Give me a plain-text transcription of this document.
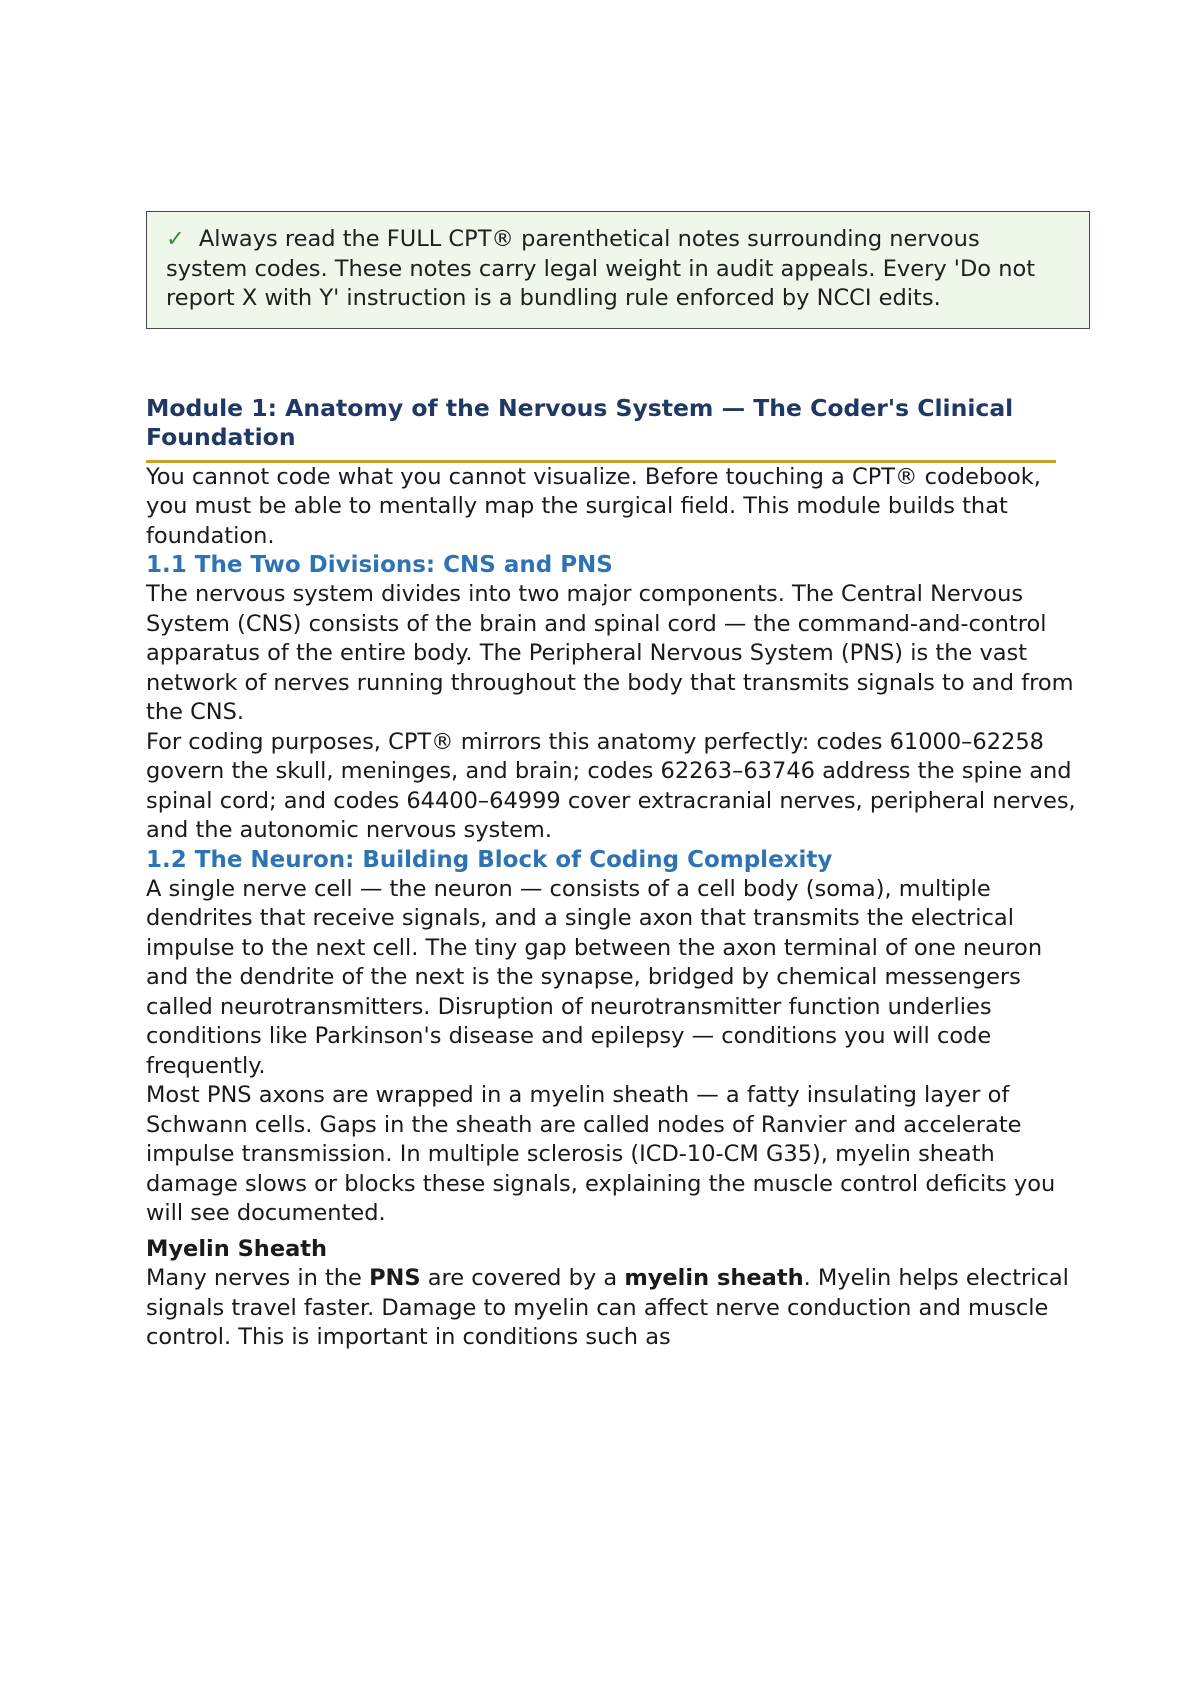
✓ Always read the FULL CPT® parenthetical notes surrounding nervous system codes. These notes carry legal weight in audit appeals. Every 'Do not report X with Y' instruction is a bundling rule enforced by NCCI edits.
Module 1: Anatomy of the Nervous System — The Coder's Clinical Foundation

You cannot code what you cannot visualize. Before touching a CPT® codebook, you must be able to mentally map the surgical field. This module builds that foundation.

1.1 The Two Divisions: CNS and PNS

The nervous system divides into two major components. The Central Nervous System (CNS) consists of the brain and spinal cord — the command-and-control apparatus of the entire body. The Peripheral Nervous System (PNS) is the vast network of nerves running throughout the body that transmits signals to and from the CNS.

For coding purposes, CPT® mirrors this anatomy perfectly: codes 61000–62258 govern the skull, meninges, and brain; codes 62263–63746 address the spine and spinal cord; and codes 64400–64999 cover extracranial nerves, peripheral nerves, and the autonomic nervous system.

1.2 The Neuron: Building Block of Coding Complexity

A single nerve cell — the neuron — consists of a cell body (soma), multiple dendrites that receive signals, and a single axon that transmits the electrical impulse to the next cell. The tiny gap between the axon terminal of one neuron and the dendrite of the next is the synapse, bridged by chemical messengers called neurotransmitters. Disruption of neurotransmitter function underlies conditions like Parkinson's disease and epilepsy — conditions you will code frequently.

Most PNS axons are wrapped in a myelin sheath — a fatty insulating layer of Schwann cells. Gaps in the sheath are called nodes of Ranvier and accelerate impulse transmission. In multiple sclerosis (ICD-10-CM G35), myelin sheath damage slows or blocks these signals, explaining the muscle control deficits you will see documented.

Myelin Sheath

Many nerves in the PNS are covered by a myelin sheath. Myelin helps electrical signals travel faster. Damage to myelin can affect nerve conduction and muscle control. This is important in conditions such as
